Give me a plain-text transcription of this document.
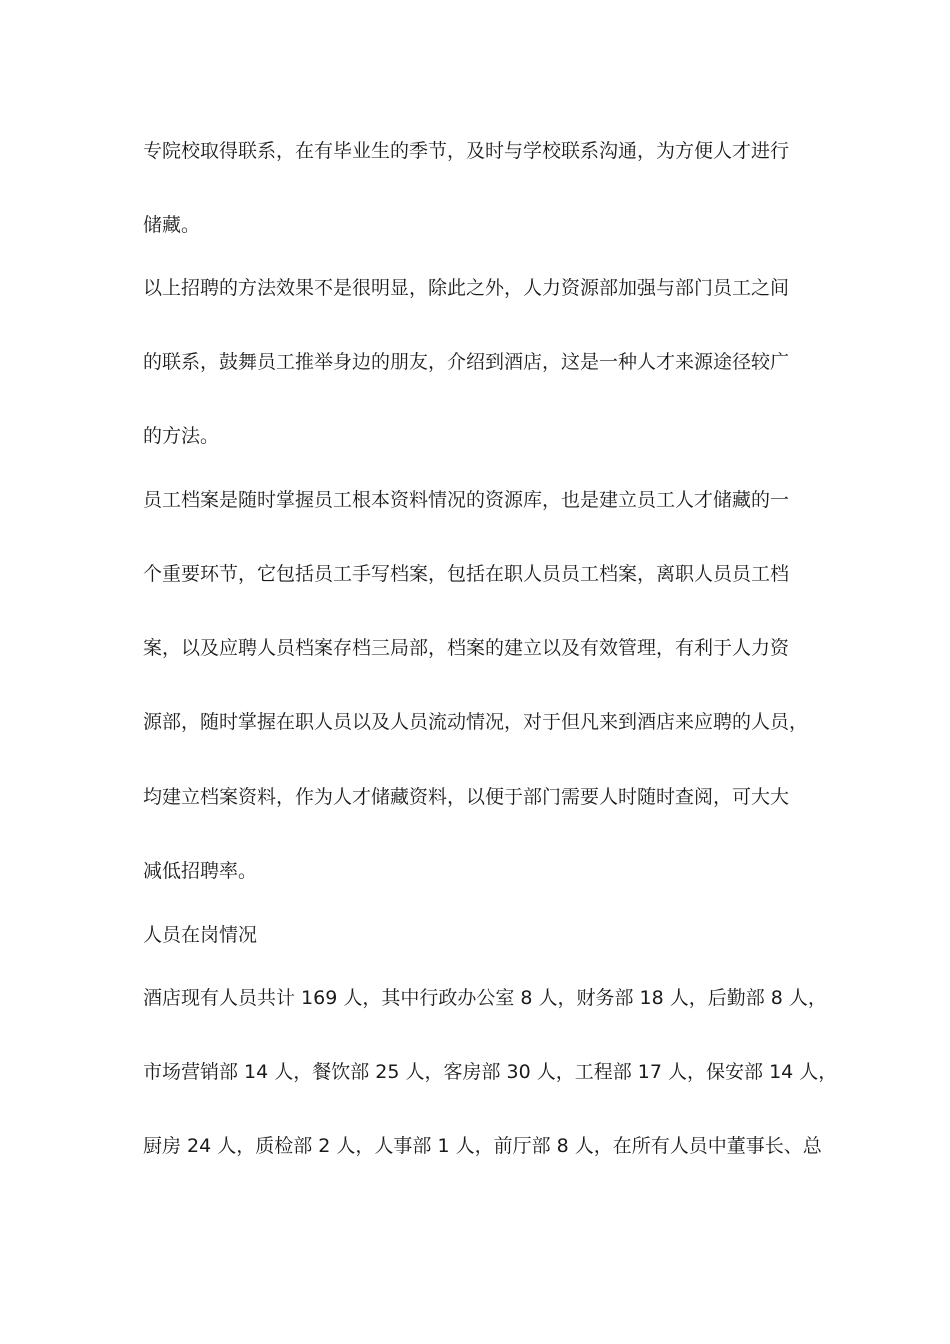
专院校取得联系，在有毕业生的季节，及时与学校联系沟通，为方便人才进行
储藏。
以上招聘的方法效果不是很明显，除此之外，人力资源部加强与部门员工之间
的联系，鼓舞员工推举身边的朋友，介绍到酒店，这是一种人才来源途径较广
的方法。
员工档案是随时掌握员工根本资料情况的资源库，也是建立员工人才储藏的一
个重要环节，它包括员工手写档案，包括在职人员员工档案，离职人员员工档
案，以及应聘人员档案存档三局部，档案的建立以及有效管理，有利于人力资
源部，随时掌握在职人员以及人员流动情况，对于但凡来到酒店来应聘的人员，
均建立档案资料，作为人才储藏资料，以便于部门需要人时随时查阅，可大大
减低招聘率。
人员在岗情况
酒店现有人员共计 169 人，其中行政办公室 8 人，财务部 18 人，后勤部 8 人，
市场营销部 14 人，餐饮部 25 人，客房部 30 人，工程部 17 人，保安部 14 人，
厨房 24 人，质检部 2 人，人事部 1 人，前厅部 8 人，在所有人员中董事长、总
